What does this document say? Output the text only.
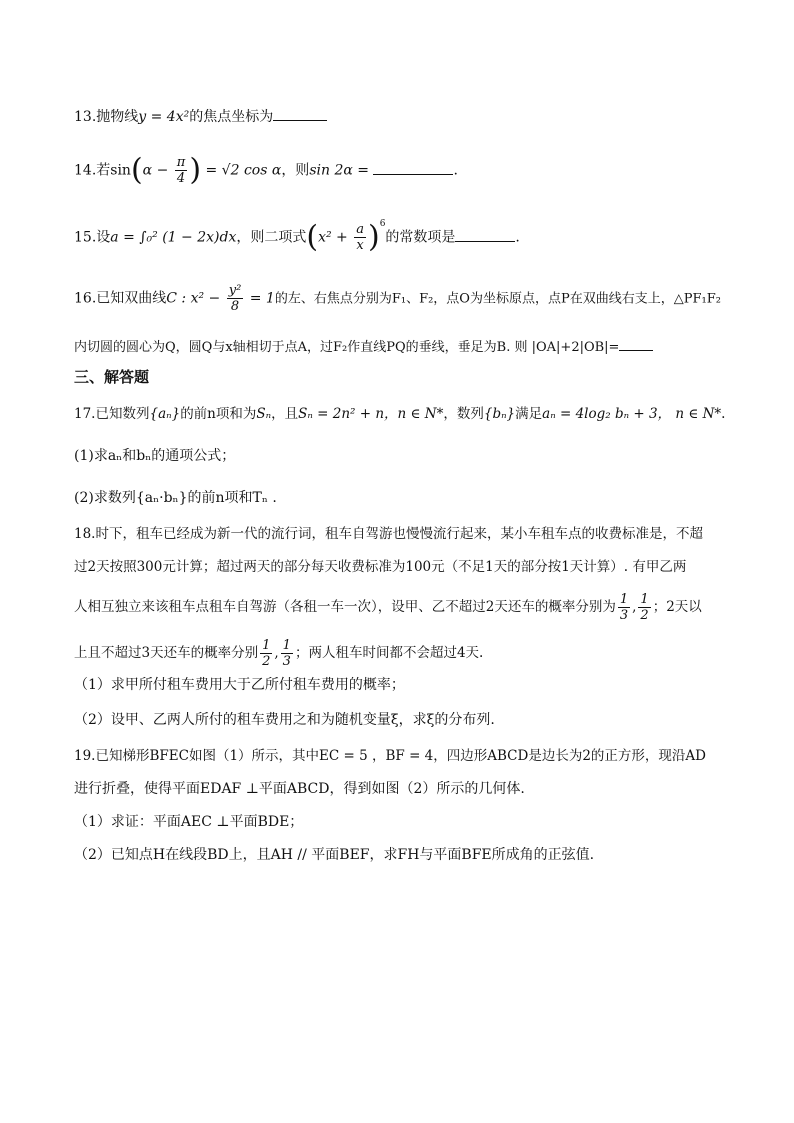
13.抛物线y = 4x²的焦点坐标为
14.若$\sin(\alpha - \frac{\pi}{4}$ ) = √2 cos α，则sin 2α =	.
15.设a = ∫₀² (1 − 2x)dx，则二项式$(x^2 + \frac{a}{x} )^6$的常数项是	.
16.已知双曲线C : $x^2 - \frac{\text{y²}}{8} = 1$的左、右焦点分别为F₁、F₂，点O为坐标原点，点P在双曲线右支上，△PF₁F₂
内切圆的圆心为Q，圆Q与x轴相切于点A，过F₂作直线PQ的垂线，垂足为B. 则 |OA|+2|OB|=
三、解答题
17.已知数列{aₙ}的前n项和为Sₙ，且Sₙ = 2n² + n，n ∈ N*，数列{bₙ}满足aₙ = 4log₂ bₙ + 3， n ∈ N*.
(1)求aₙ和bₙ的通项公式；
(2)求数列{aₙ·bₙ}的前n项和Tₙ .
18.时下，租车已经成为新一代的流行词，租车自驾游也慢慢流行起来，某小车租车点的收费标准是，不超
过2天按照300元计算；超过两天的部分每天收费标准为100元（不足1天的部分按1天计算）. 有甲乙两
人相互独立来该租车点租车自驾游（各租一车一次），设甲、乙不超过2天还车的概率分别为 $\frac{1}{3}$ , $\frac{1}{2}$ ；2天以
上且不超过3天还车的概率分别 $\frac{1}{2}$ , $\frac{1}{3}$ ；两人租车时间都不会超过4天.
（1）求甲所付租车费用大于乙所付租车费用的概率；
（2）设甲、乙两人所付的租车费用之和为随机变量ξ，求ξ的分布列.
19.已知梯形BFEC如图（1）所示，其中EC = 5 ，BF = 4，四边形ABCD是边长为2的正方形，现沿AD
进行折叠，使得平面EDAF ⊥平面ABCD，得到如图（2）所示的几何体.
（1）求证：平面AEC ⊥平面BDE；
（2）已知点H在线段BD上，且AH // 平面BEF，求FH与平面BFE所成角的正弦值.
